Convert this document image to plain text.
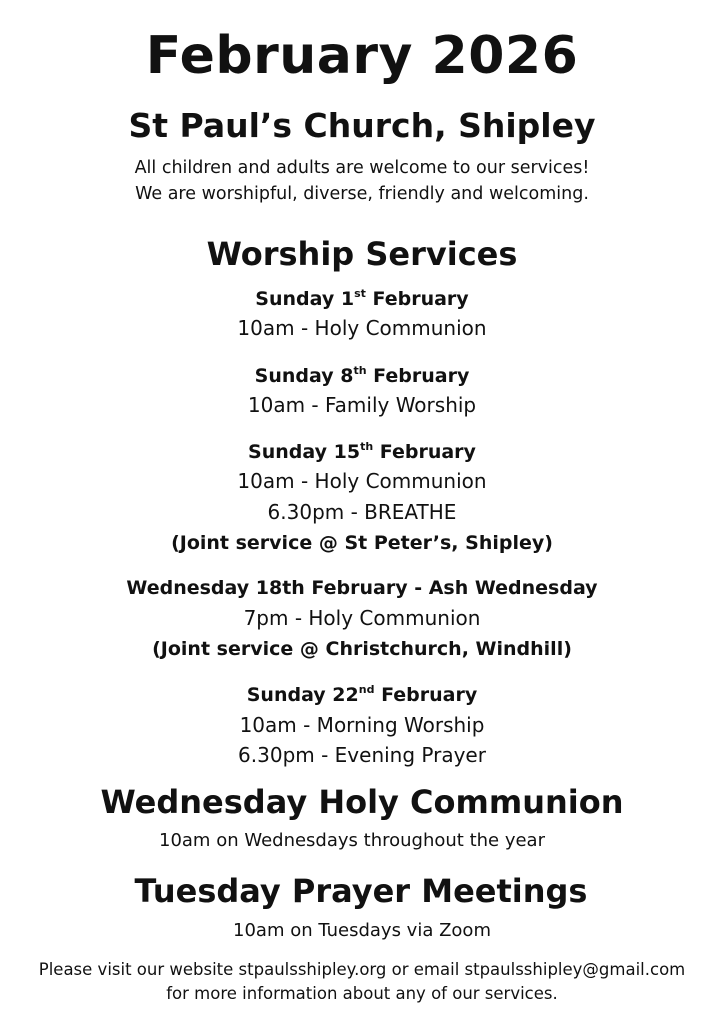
February 2026
St Paul’s Church, Shipley

All children and adults are welcome to our services!

We are worshipful, diverse, friendly and welcoming.

Worship Services
Sunday 1st February
10am - Holy Communion
Sunday 8th February
10am - Family Worship
Sunday 15th February
10am - Holy Communion
6.30pm - BREATHE
(Joint service @ St Peter’s, Shipley)
Wednesday 18th February - Ash Wednesday
7pm - Holy Communion
(Joint service @ Christchurch, Windhill)
Sunday 22nd February
10am - Morning Worship
6.30pm - Evening Prayer
Wednesday Holy Communion

10am on Wednesdays throughout the year

Tuesday Prayer Meetings

10am on Tuesdays via Zoom

Please visit our website stpaulsshipley.org or email stpaulsshipley@gmail.com

for more information about any of our services.
